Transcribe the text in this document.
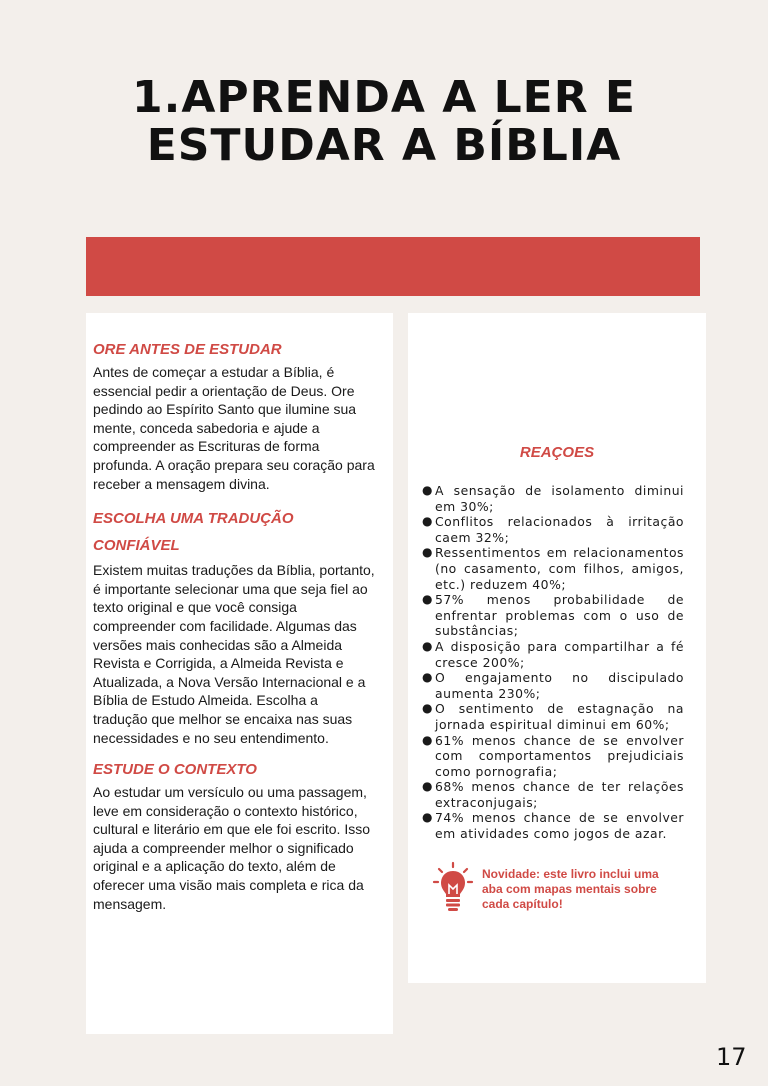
1.APRENDA A LER E
ESTUDAR A BÍBLIA
ORE ANTES DE ESTUDAR

Antes de começar a estudar a Bíblia, é essencial pedir a orientação de Deus. Ore pedindo ao Espírito Santo que ilumine sua mente, conceda sabedoria e ajude a compreender as Escrituras de forma profunda. A oração prepara seu coração para receber a mensagem divina.

ESCOLHA UMA TRADUÇÃO CONFIÁVEL

Existem muitas traduções da Bíblia, portanto, é importante selecionar uma que seja fiel ao texto original e que você consiga compreender com facilidade. Algumas das versões mais conhecidas são a Almeida Revista e Corrigida, a Almeida Revista e Atualizada, a Nova Versão Internacional e a Bíblia de Estudo Almeida. Escolha a tradução que melhor se encaixa nas suas necessidades e no seu entendimento.

ESTUDE O CONTEXTO

Ao estudar um versículo ou uma passagem, leve em consideração o contexto histórico, cultural e literário em que ele foi escrito. Isso ajuda a compreender melhor o significado original e a aplicação do texto, além de oferecer uma visão mais completa e rica da mensagem.

REAÇOES
● A sensação de isolamento diminui em 30%;
● Conflitos relacionados à irritação caem 32%;
● Ressentimentos em relacionamentos (no casamento, com filhos, amigos, etc.) reduzem 40%;
● 57% menos probabilidade de enfrentar problemas com o uso de substâncias;
● A disposição para compartilhar a fé cresce 200%;
● O engajamento no discipulado aumenta 230%;
● O sentimento de estagnação na jornada espiritual diminui em 60%;
● 61% menos chance de se envolver com comportamentos prejudiciais como pornografia;
● 68% menos chance de ter relações extraconjugais;
● 74% menos chance de se envolver em atividades como jogos de azar.

Novidade: este livro inclui uma aba com mapas mentais sobre cada capítulo!

17
